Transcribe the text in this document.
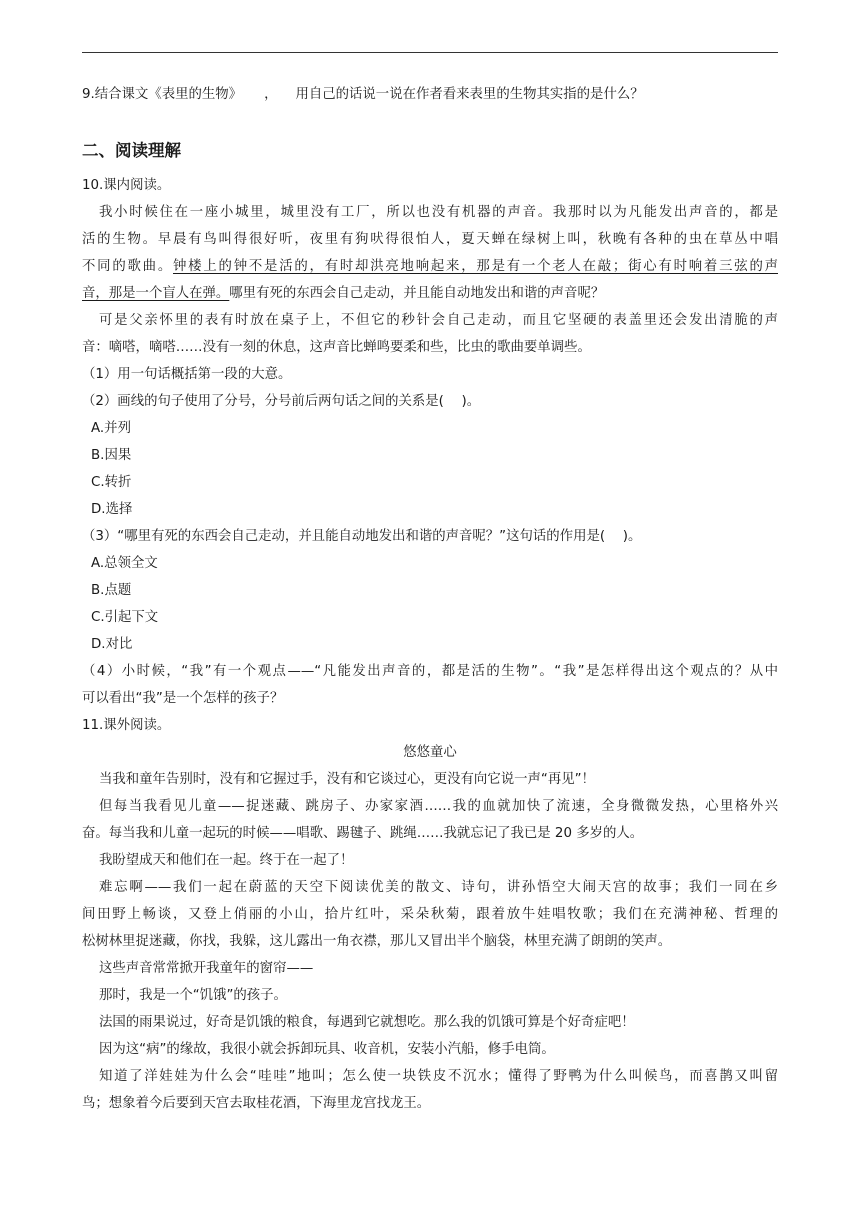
9.结合课文《表里的生物》 ， 用自己的话说一说在作者看来表里的生物其实指的是什么？
二、阅读理解
10.课内阅读。
我小时候住在一座小城里，城里没有工厂，所以也没有机器的声音。我那时以为凡能发出声音的，都是
活的生物。早晨有鸟叫得很好听，夜里有狗吠得很怕人，夏天蝉在绿树上叫，秋晚有各种的虫在草丛中唱
不同的歌曲。钟楼上的钟不是活的，有时却洪亮地响起来，那是有一个老人在敲；街心有时响着三弦的声
音，那是一个盲人在弹。哪里有死的东西会自己走动，并且能自动地发出和谐的声音呢？
可是父亲怀里的表有时放在桌子上，不但它的秒针会自己走动，而且它坚硬的表盖里还会发出清脆的声
音：嘀嗒，嘀嗒……没有一刻的休息，这声音比蝉鸣要柔和些，比虫的歌曲要单调些。
（1）用一句话概括第一段的大意。
（2）画线的句子使用了分号，分号前后两句话之间的关系是(　 )。
A.并列
B.因果
C.转折
D.选择
（3）“哪里有死的东西会自己走动，并且能自动地发出和谐的声音呢？”这句话的作用是(　 )。
A.总领全文
B.点题
C.引起下文
D.对比
（4）小时候，“我”有一个观点——“凡能发出声音的，都是活的生物”。“我”是怎样得出这个观点的？从中
可以看出“我”是一个怎样的孩子？
11.课外阅读。
悠悠童心
当我和童年告别时，没有和它握过手，没有和它谈过心，更没有向它说一声“再见”！
但每当我看见儿童——捉迷藏、跳房子、办家家酒……我的血就加快了流速，全身微微发热，心里格外兴
奋。每当我和儿童一起玩的时候——唱歌、踢毽子、跳绳……我就忘记了我已是 20 多岁的人。
我盼望成天和他们在一起。终于在一起了！
难忘啊——我们一起在蔚蓝的天空下阅读优美的散文、诗句，讲孙悟空大闹天宫的故事；我们一同在乡
间田野上畅谈，又登上俏丽的小山，拾片红叶，采朵秋菊，跟着放牛娃唱牧歌；我们在充满神秘、哲理的
松树林里捉迷藏，你找，我躲，这儿露出一角衣襟，那儿又冒出半个脑袋，林里充满了朗朗的笑声。
这些声音常常掀开我童年的窗帘——
那时，我是一个“饥饿”的孩子。
法国的雨果说过，好奇是饥饿的粮食，每遇到它就想吃。那么我的饥饿可算是个好奇症吧！
因为这“病”的缘故，我很小就会拆卸玩具、收音机，安装小汽船，修手电筒。
知道了洋娃娃为什么会“哇哇”地叫；怎么使一块铁皮不沉水；懂得了野鸭为什么叫候鸟，而喜鹊又叫留
鸟；想象着今后要到天宫去取桂花酒，下海里龙宫找龙王。
